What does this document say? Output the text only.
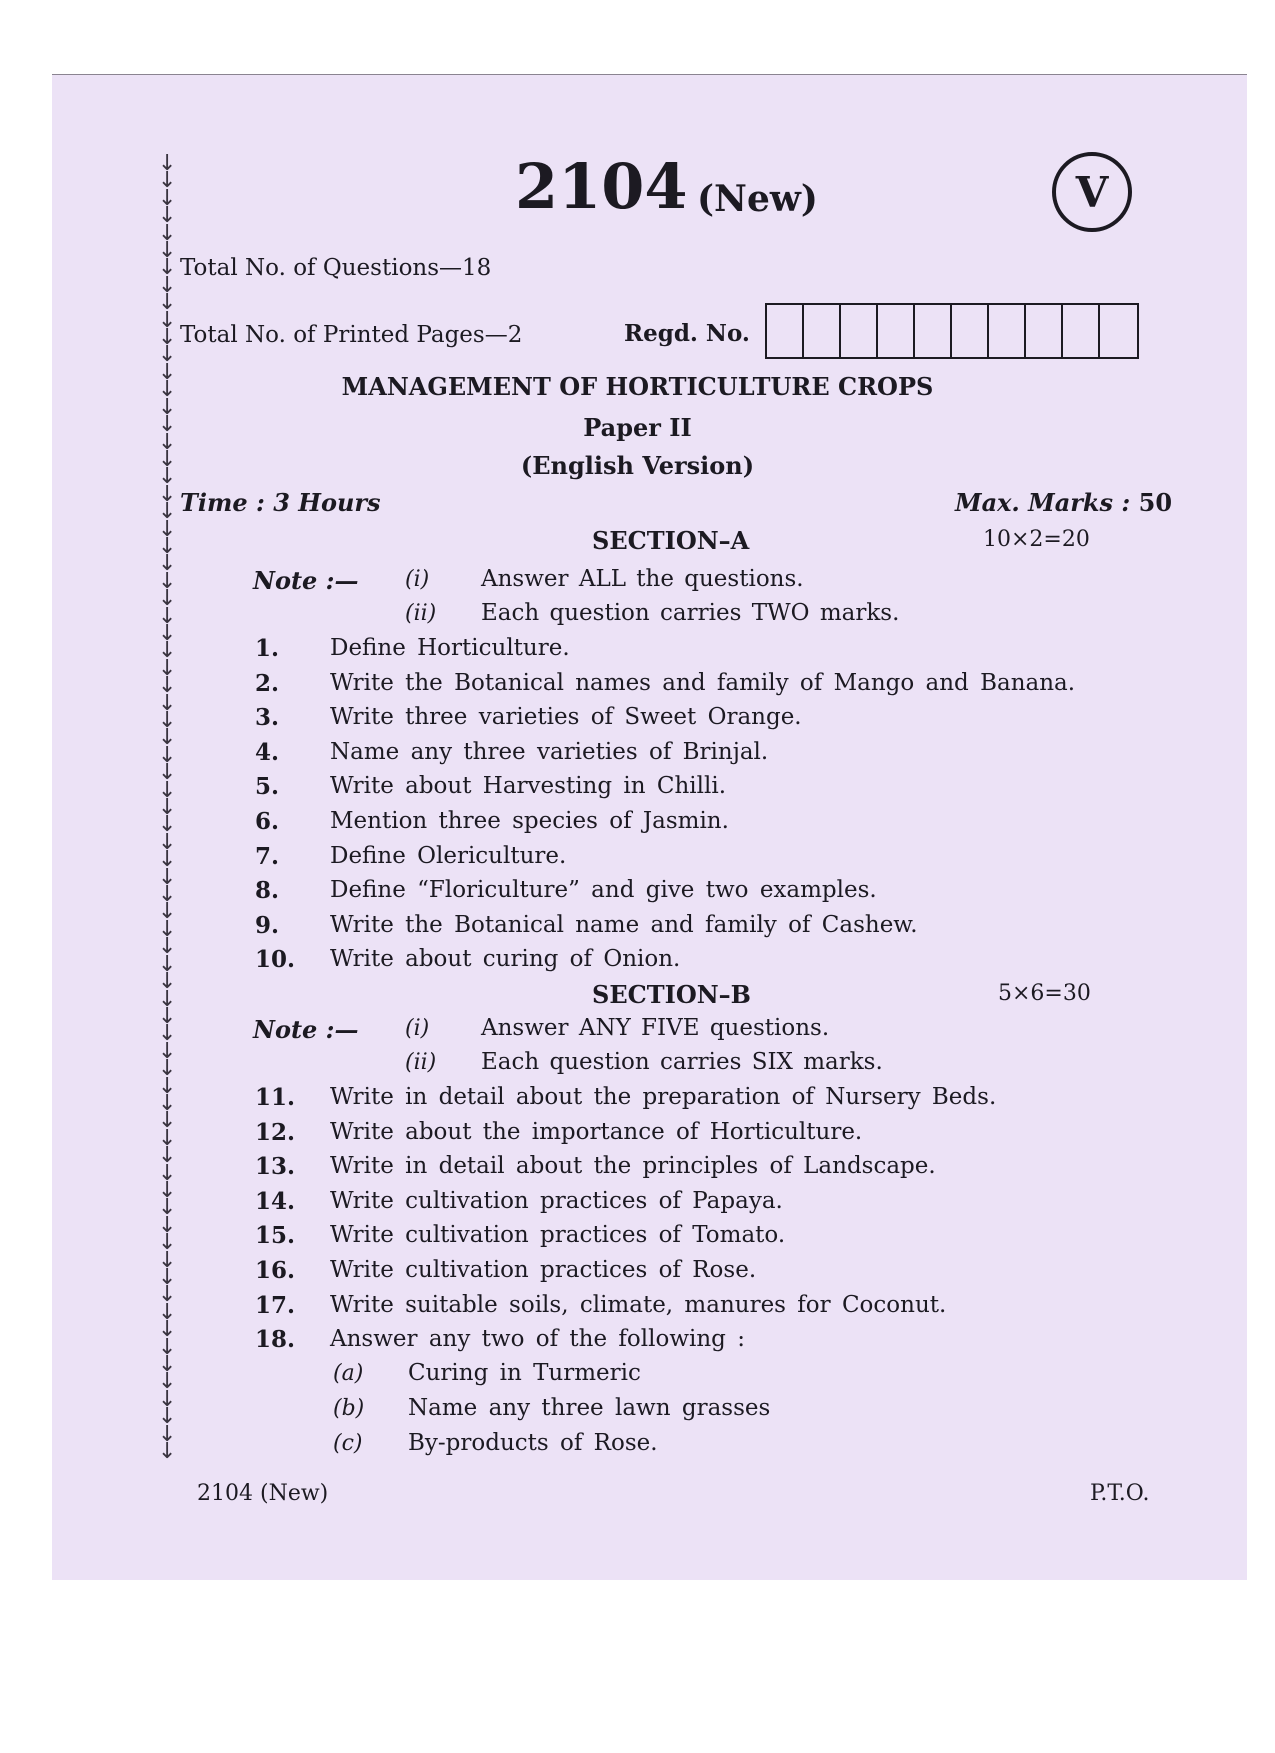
↓
↓
↓
↓
↓
↓
↓
↓
↓
↓
↓
↓
↓
↓
↓
↓
↓
↓
↓
↓
↓
↓
↓
↓
↓
↓
↓
↓
↓
↓
↓
↓
↓
↓
↓
↓
↓
↓
↓
↓
↓
↓
↓
↓
↓
↓
↓
↓
↓
↓
↓
↓
↓
↓
↓
↓
↓
↓
↓
↓
↓
↓
↓
↓
↓
↓
↓
↓
↓
↓
↓
↓
↓
↓
↓
2104 (New)	V
Total No. of Questions—18
Total No. of Printed Pages—2	Regd. No.
MANAGEMENT OF HORTICULTURE CROPS
Paper II
(English Version)
Time : 3 Hours	Max. Marks : 50
SECTION–A	10×2=20
Note :— (i) Answer ALL the questions.
(ii) Each question carries TWO marks.
1. Define Horticulture.
2. Write the Botanical names and family of Mango and Banana.
3. Write three varieties of Sweet Orange.
4. Name any three varieties of Brinjal.
5. Write about Harvesting in Chilli.
6. Mention three species of Jasmin.
7. Define Olericulture.
8. Define “Floriculture” and give two examples.
9. Write the Botanical name and family of Cashew.
10. Write about curing of Onion.
SECTION–B	5×6=30
Note :— (i) Answer ANY FIVE questions.
(ii) Each question carries SIX marks.
11. Write in detail about the preparation of Nursery Beds.
12. Write about the importance of Horticulture.
13. Write in detail about the principles of Landscape.
14. Write cultivation practices of Papaya.
15. Write cultivation practices of Tomato.
16. Write cultivation practices of Rose.
17. Write suitable soils, climate, manures for Coconut.
18. Answer any two of the following :
(a) Curing in Turmeric
(b) Name any three lawn grasses
(c) By-products of Rose.
2104 (New)	P.T.O.
